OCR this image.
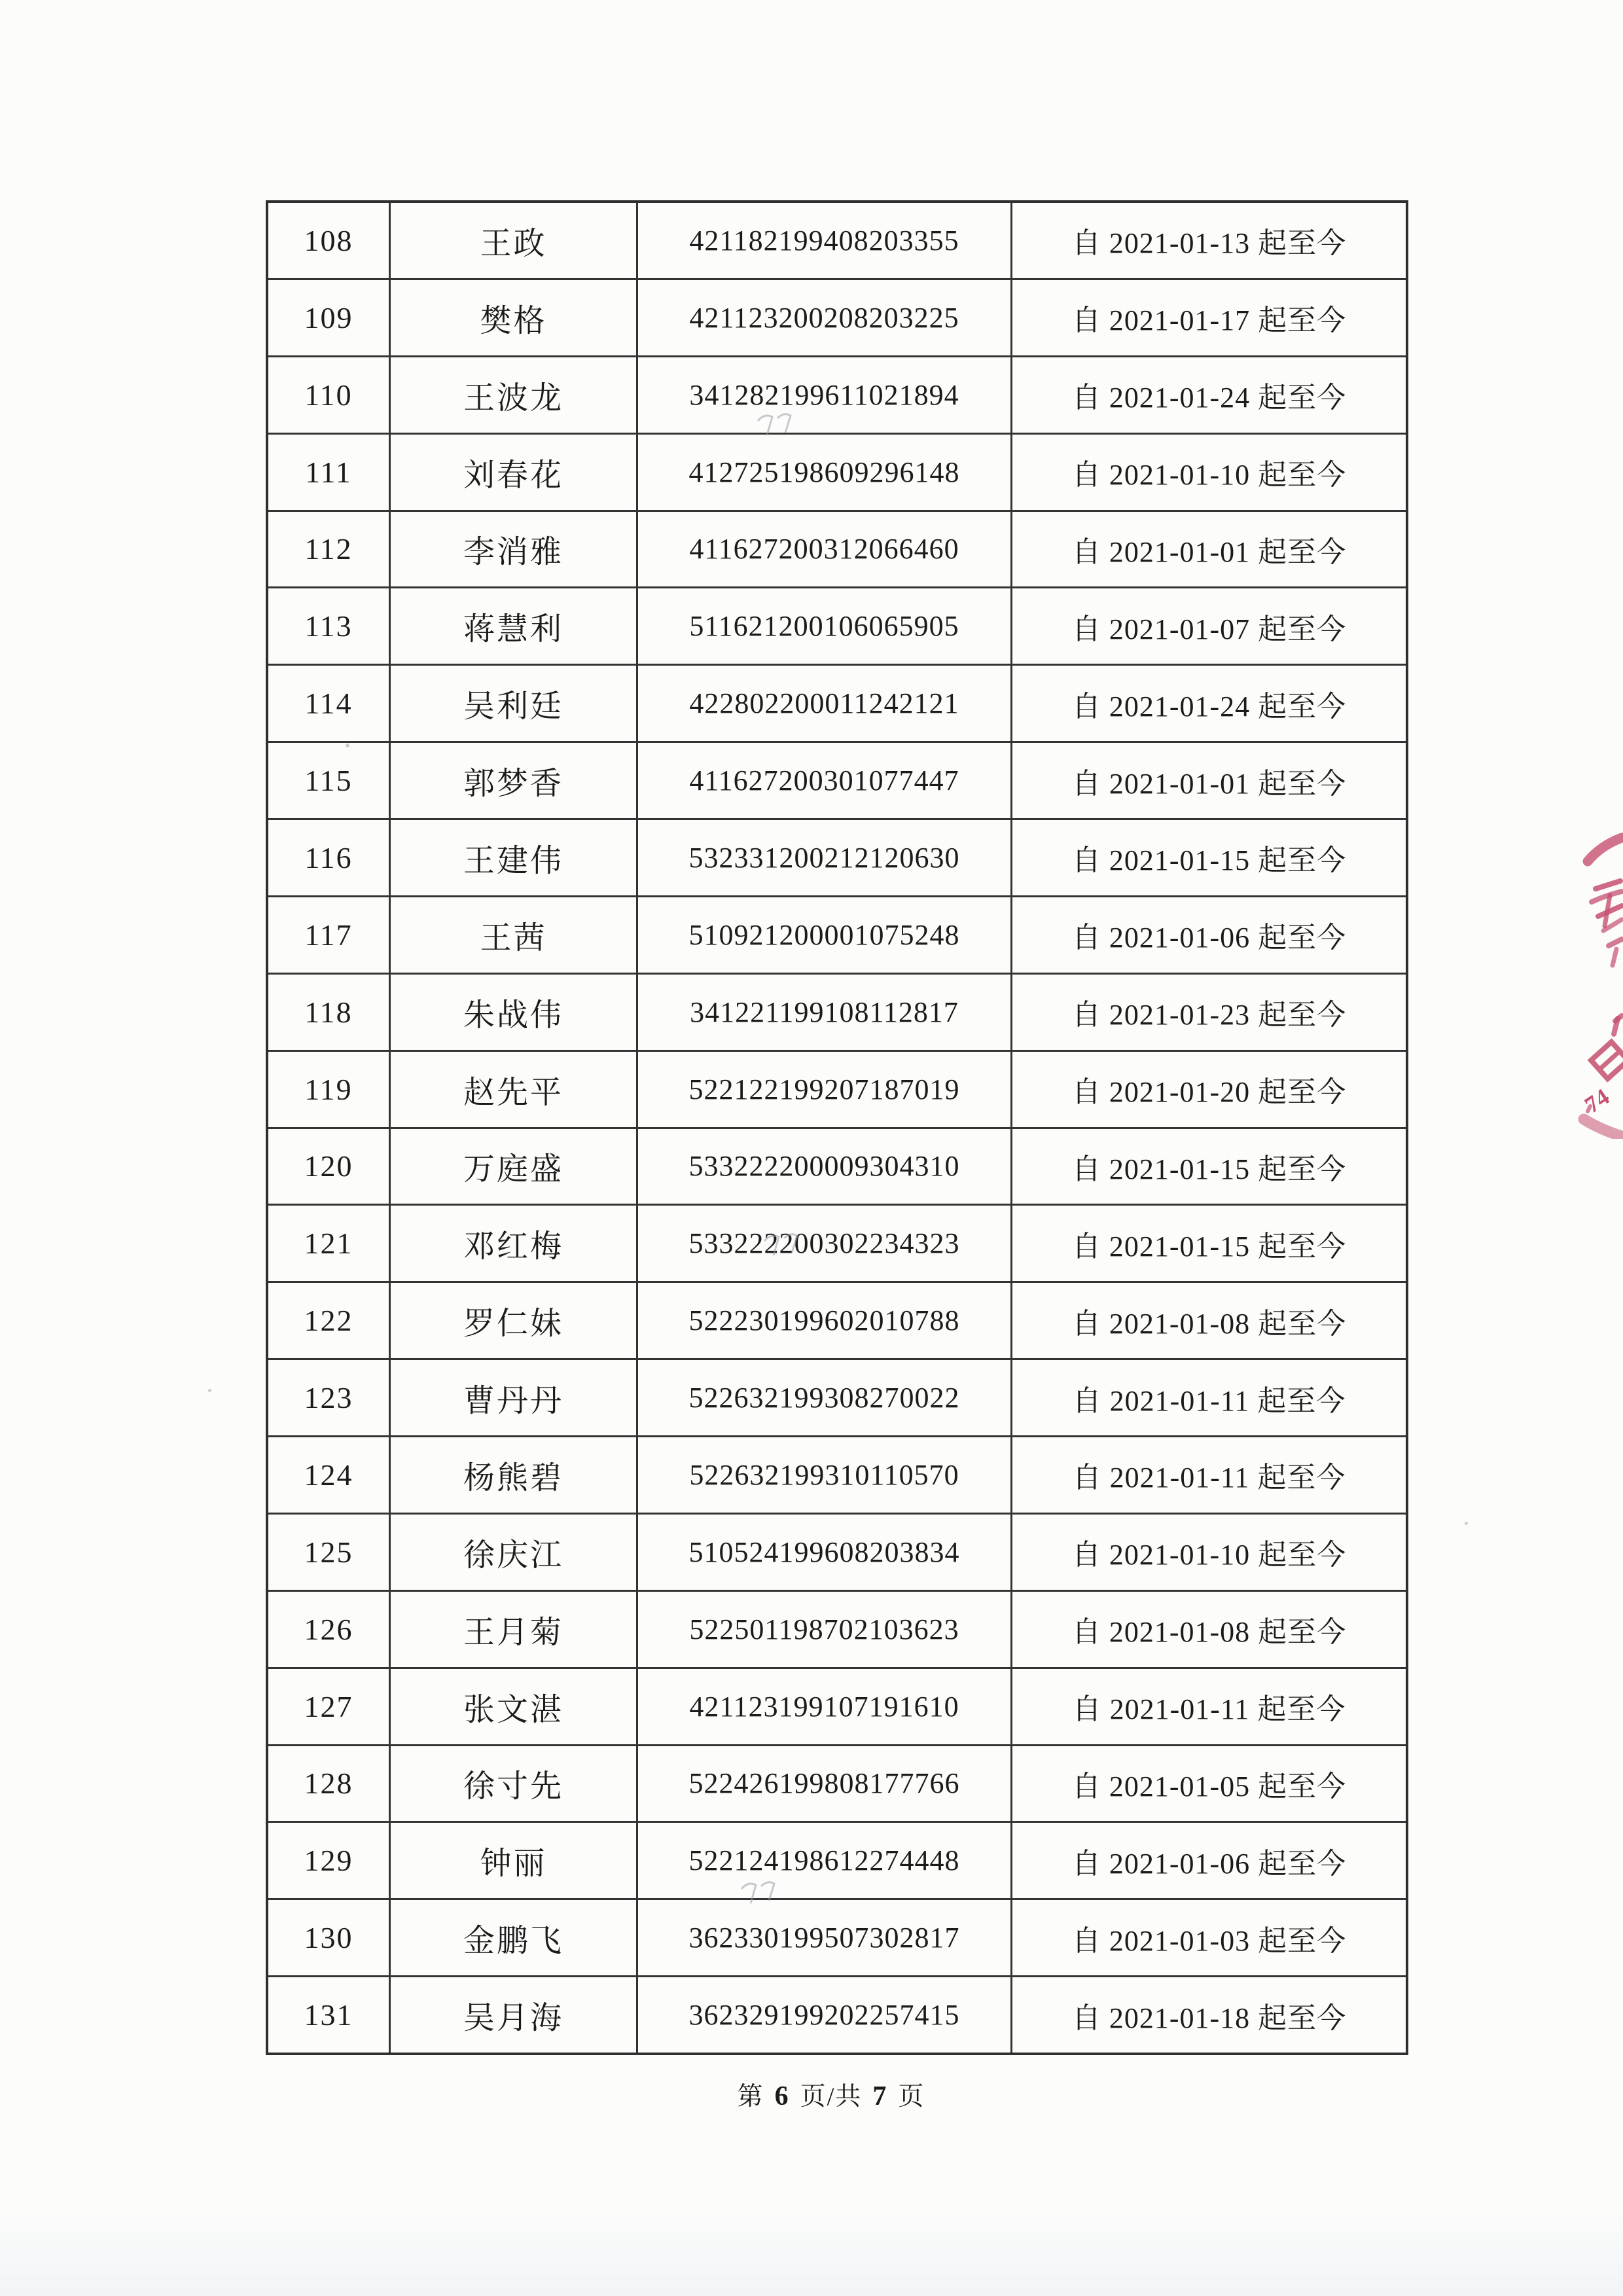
108	王政	421182199408203355	自 2021-01-13 起至今
109	樊格	421123200208203225	自 2021-01-17 起至今
110	王波龙	341282199611021894	自 2021-01-24 起至今
111	刘春花	412725198609296148	自 2021-01-10 起至今
112	李消雅	411627200312066460	自 2021-01-01 起至今
113	蒋慧利	511621200106065905	自 2021-01-07 起至今
114	吴利廷	422802200011242121	自 2021-01-24 起至今
115	郭梦香	411627200301077447	自 2021-01-01 起至今
116	王建伟	532331200212120630	自 2021-01-15 起至今
117	王茜	510921200001075248	自 2021-01-06 起至今
118	朱战伟	341221199108112817	自 2021-01-23 起至今
119	赵先平	522122199207187019	自 2021-01-20 起至今
120	万庭盛	533222200009304310	自 2021-01-15 起至今
121	邓红梅	533222200302234323	自 2021-01-15 起至今
122	罗仁妹	522230199602010788	自 2021-01-08 起至今
123	曹丹丹	522632199308270022	自 2021-01-11 起至今
124	杨熊碧	522632199310110570	自 2021-01-11 起至今
125	徐庆江	510524199608203834	自 2021-01-10 起至今
126	王月菊	522501198702103623	自 2021-01-08 起至今
127	张文湛	421123199107191610	自 2021-01-11 起至今
128	徐寸先	522426199808177766	自 2021-01-05 起至今
129	钟丽	522124198612274448	自 2021-01-06 起至今
130	金鹏飞	362330199507302817	自 2021-01-03 起至今
131	吴月海	362329199202257415	自 2021-01-18 起至今
第 6 页/共 7 页
74
